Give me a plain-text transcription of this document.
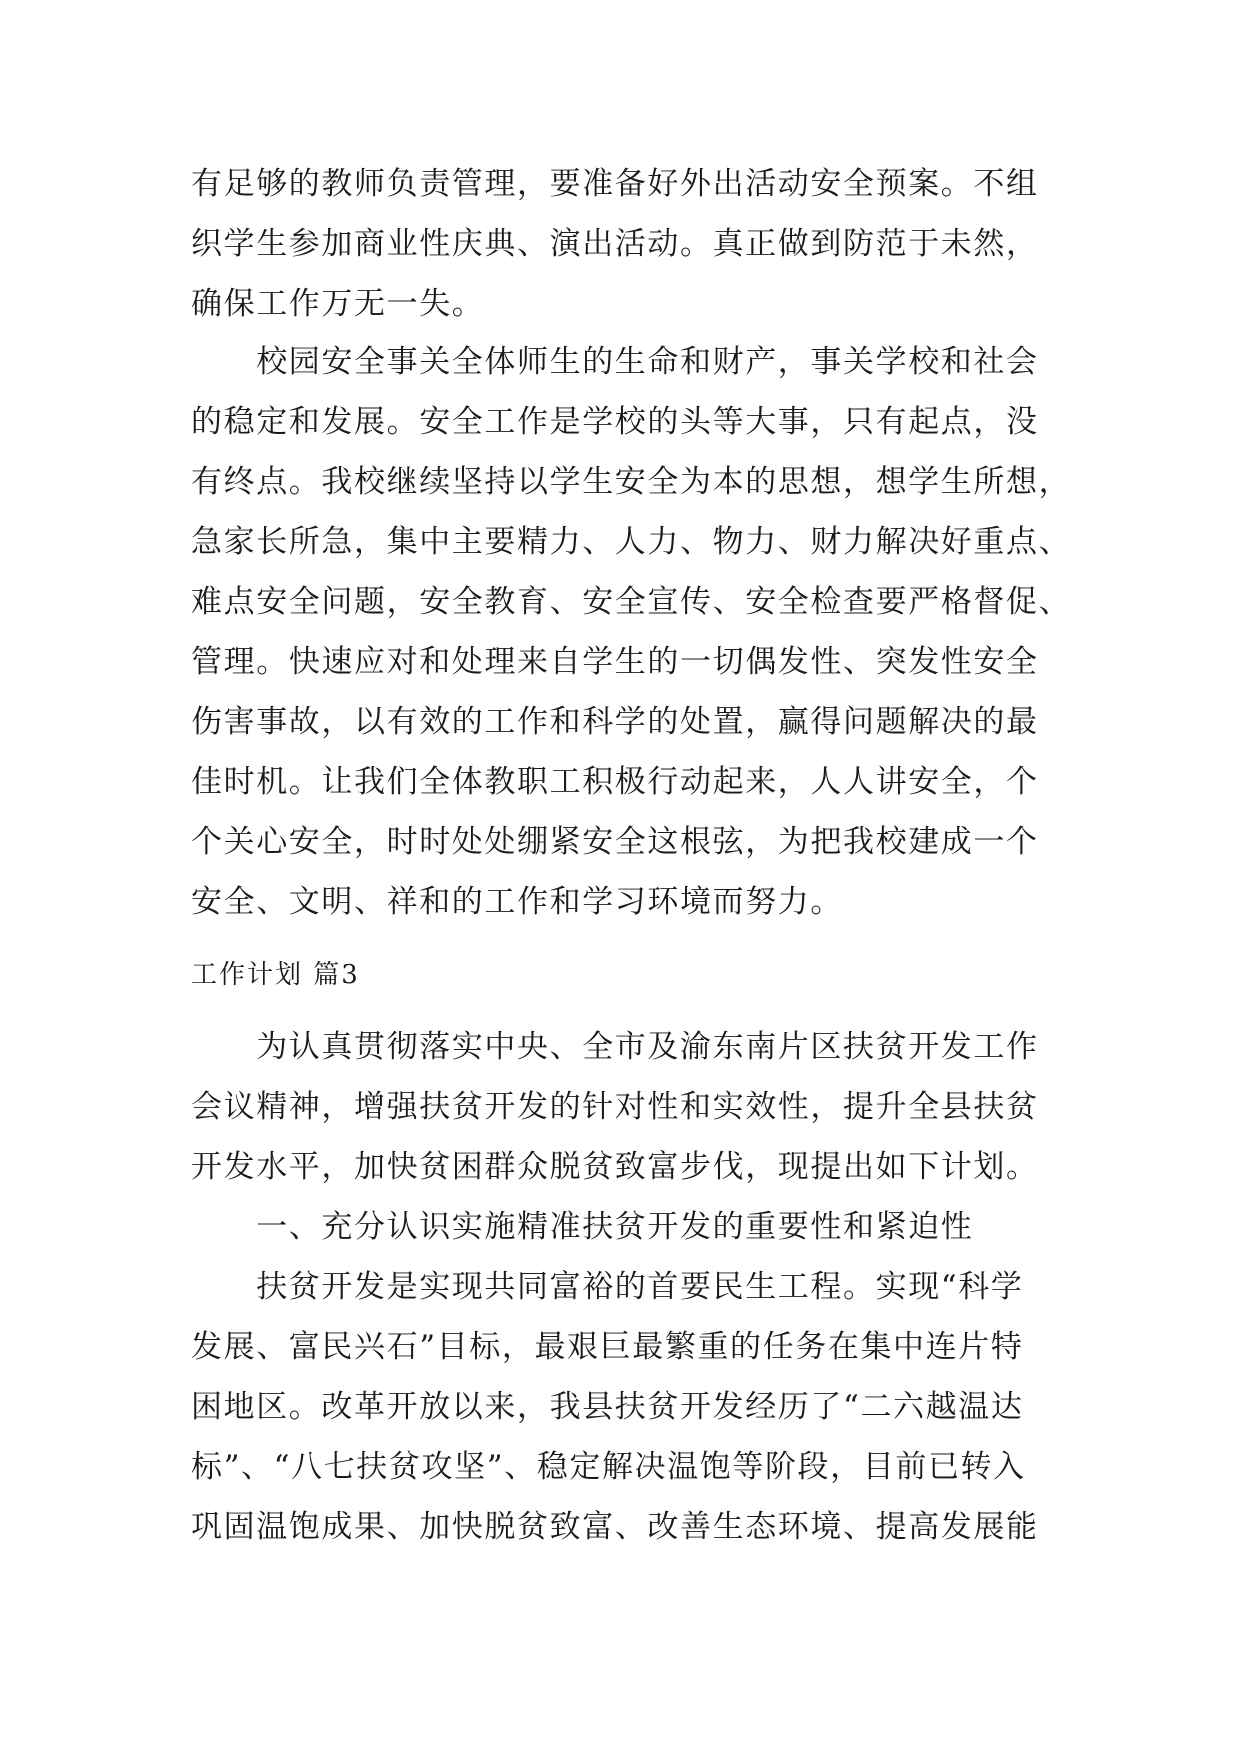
有足够的教师负责管理，要准备好外出活动安全预案。不组
织学生参加商业性庆典、演出活动。真正做到防范于未然，
确保工作万无一失。
　　校园安全事关全体师生的生命和财产，事关学校和社会
的稳定和发展。安全工作是学校的头等大事，只有起点，没
有终点。我校继续坚持以学生安全为本的思想，想学生所想，
急家长所急，集中主要精力、人力、物力、财力解决好重点、
难点安全问题，安全教育、安全宣传、安全检查要严格督促、
管理。快速应对和处理来自学生的一切偶发性、突发性安全
伤害事故，以有效的工作和科学的处置，赢得问题解决的最
佳时机。让我们全体教职工积极行动起来，人人讲安全，个
个关心安全，时时处处绷紧安全这根弦，为把我校建成一个
安全、文明、祥和的工作和学习环境而努力。
工作计划 篇3
　　为认真贯彻落实中央、全市及渝东南片区扶贫开发工作
会议精神，增强扶贫开发的针对性和实效性，提升全县扶贫
开发水平，加快贫困群众脱贫致富步伐，现提出如下计划。
　　一、充分认识实施精准扶贫开发的重要性和紧迫性
　　扶贫开发是实现共同富裕的首要民生工程。实现“科学
发展、富民兴石”目标，最艰巨最繁重的任务在集中连片特
困地区。改革开放以来，我县扶贫开发经历了“二六越温达
标”、“八七扶贫攻坚”、稳定解决温饱等阶段，目前已转入
巩固温饱成果、加快脱贫致富、改善生态环境、提高发展能
